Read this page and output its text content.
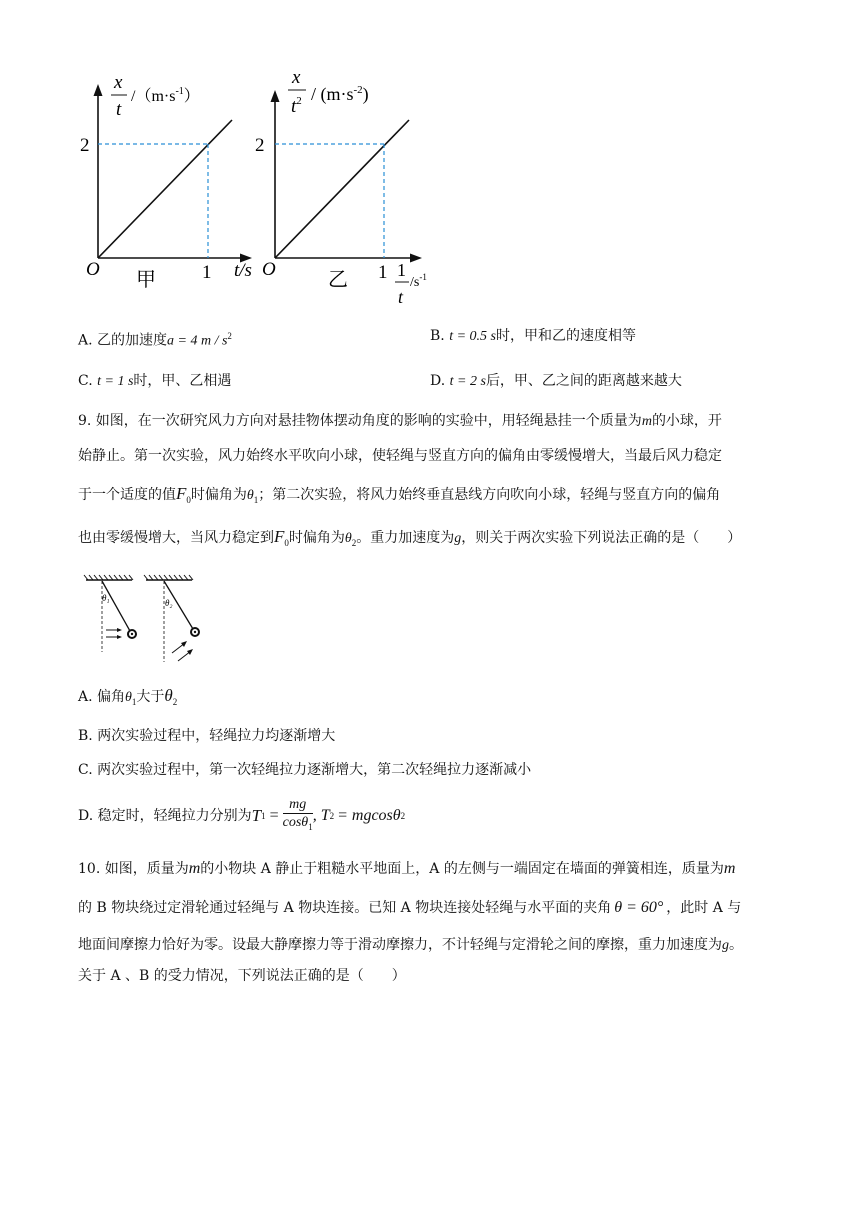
x
t
$/(m\cdot s^{-1})$
2
O	1 t/s
甲
x
$t^2 / (m\cdot s^{-2})$
2
O	1 1
t
$/s^{-1}$
乙
A. 乙的加速度a = 4 m / $s^2$	B. t = 0.5 s时，甲和乙的速度相等
C. t = 1 s时，甲、乙相遇	D. t = 2 s后，甲、乙之间的距离越来越大
9. 如图，在一次研究风力方向对悬挂物体摆动角度的影响的实验中，用轻绳悬挂一个质量为m的小球，开
始静止。第一次实验，风力始终水平吹向小球，使轻绳与竖直方向的偏角由零缓慢增大，当最后风力稳定
于一个适度的值$F_0$时偏角为$\theta_1$；第二次实验，将风力始终垂直悬线方向吹向小球，轻绳与竖直方向的偏角
也由零缓慢增大，当风力稳定到$F_0$时偏角为$\theta_2$。重力加速度为g，则关于两次实验下列说法正确的是（　　）
θ₁	θ₂
A. 偏角$\theta_1$大于$\theta_2$
B. 两次实验过程中，轻绳拉力均逐渐增大
C. 两次实验过程中，第一次轻绳拉力逐渐增大，第二次轻绳拉力逐渐减小
D.
稳定时，轻绳拉力分别为 T $1 = \frac{mg}{\cos\theta_1}$ , T 2 = mgcosθ 2
10. 如图，质量为m的小物块 A 静止于粗糙水平地面上，A 的左侧与一端固定在墙面的弹簧相连，质量为m
的 B 物块绕过定滑轮通过轻绳与 A 物块连接。已知 A 物块连接处轻绳与水平面的夹角 θ = 60° ，此时 A 与
地面间摩擦力恰好为零。设最大静摩擦力等于滑动摩擦力，不计轻绳与定滑轮之间的摩擦，重力加速度为g。
关于 A 、B 的受力情况，下列说法正确的是（　　）
